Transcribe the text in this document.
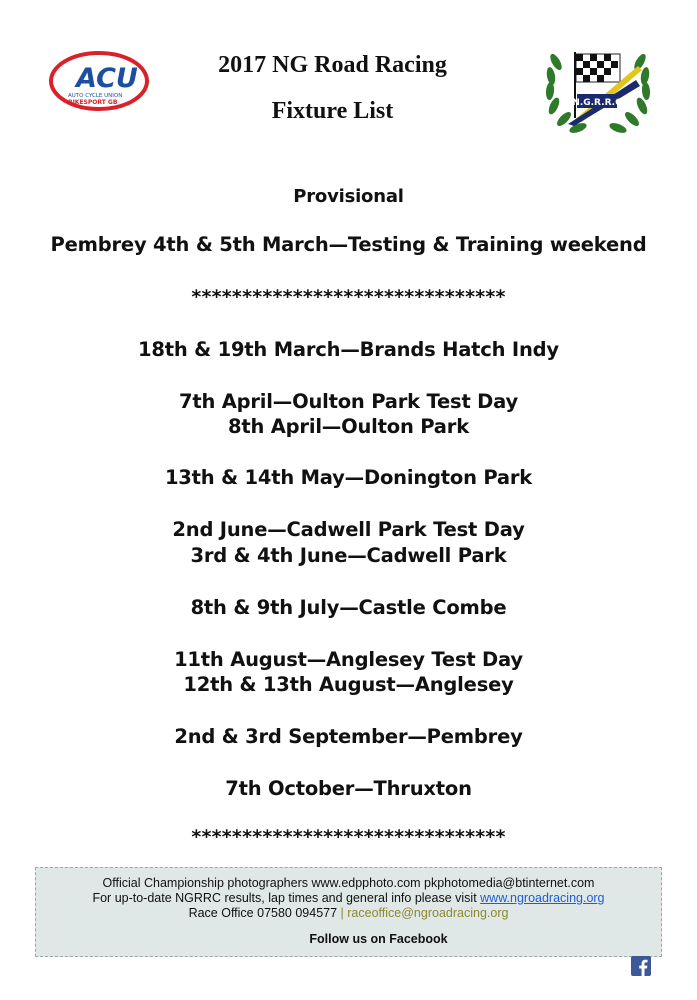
ACU
AUTO CYCLE UNION
BIKESPORT GB
2017 NG Road Racing
Fixture List	N.G.R.R.C
Provisional
Pembrey 4th & 5th March—Testing & Training weekend
*******************************
18th & 19th March—Brands Hatch Indy
7th April—Oulton Park Test Day
8th April—Oulton Park
13th & 14th May—Donington Park
2nd June—Cadwell Park Test Day
3rd & 4th June—Cadwell Park
8th & 9th July—Castle Combe
11th August—Anglesey Test Day
12th & 13th August—Anglesey
2nd & 3rd September—Pembrey
7th October—Thruxton
*******************************
Official Championship photographers www.edpphoto.com pkphotomedia@btinternet.com
For up-to-date NGRRC results, lap times and general info please visit www.ngroadracing.org
Race Office 07580 094577 | raceoffice@ngroadracing.org
Follow us on Facebook
